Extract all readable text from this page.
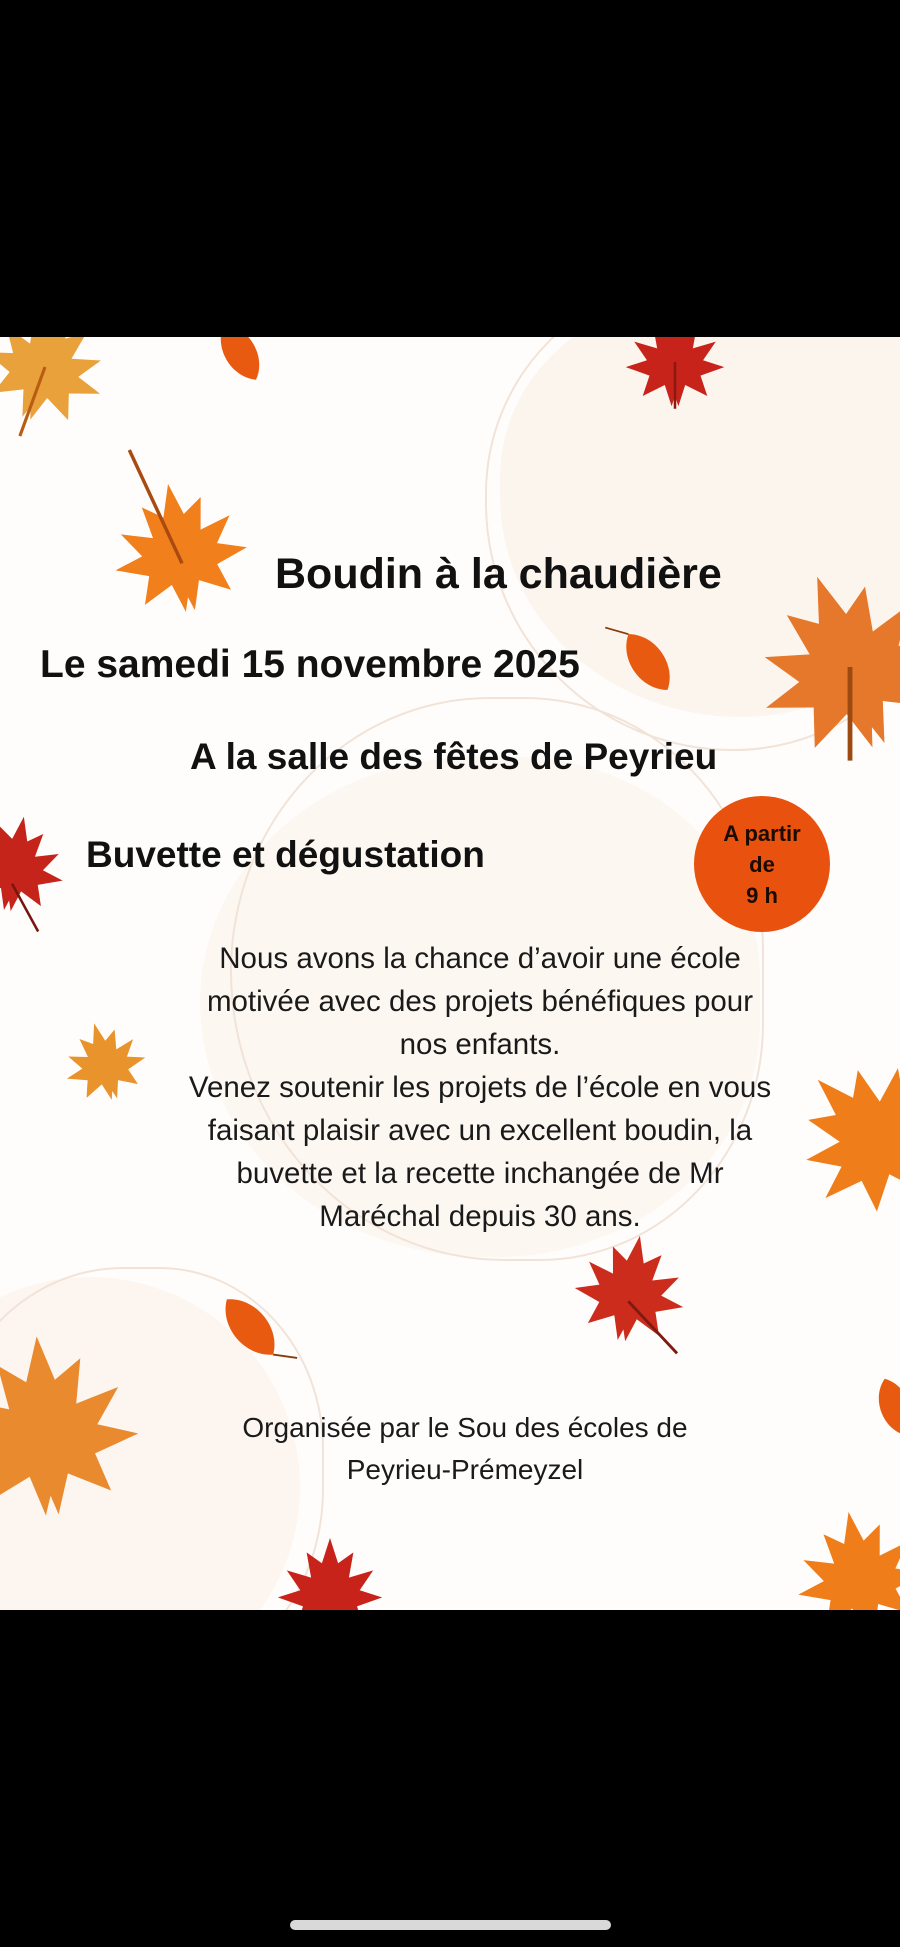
Boudin à la chaudière
Le samedi 15 novembre 2025
A la salle des fêtes de Peyrieu
Buvette et dégustation
A partir
de
9 h
Nous avons la chance d’avoir une école
motivée avec des projets bénéfiques pour
nos enfants.
Venez soutenir les projets de l’école en vous
faisant plaisir avec un excellent boudin, la
buvette et la recette inchangée de Mr
Maréchal depuis 30 ans.
Organisée par le Sou des écoles de
Peyrieu-Prémeyzel
